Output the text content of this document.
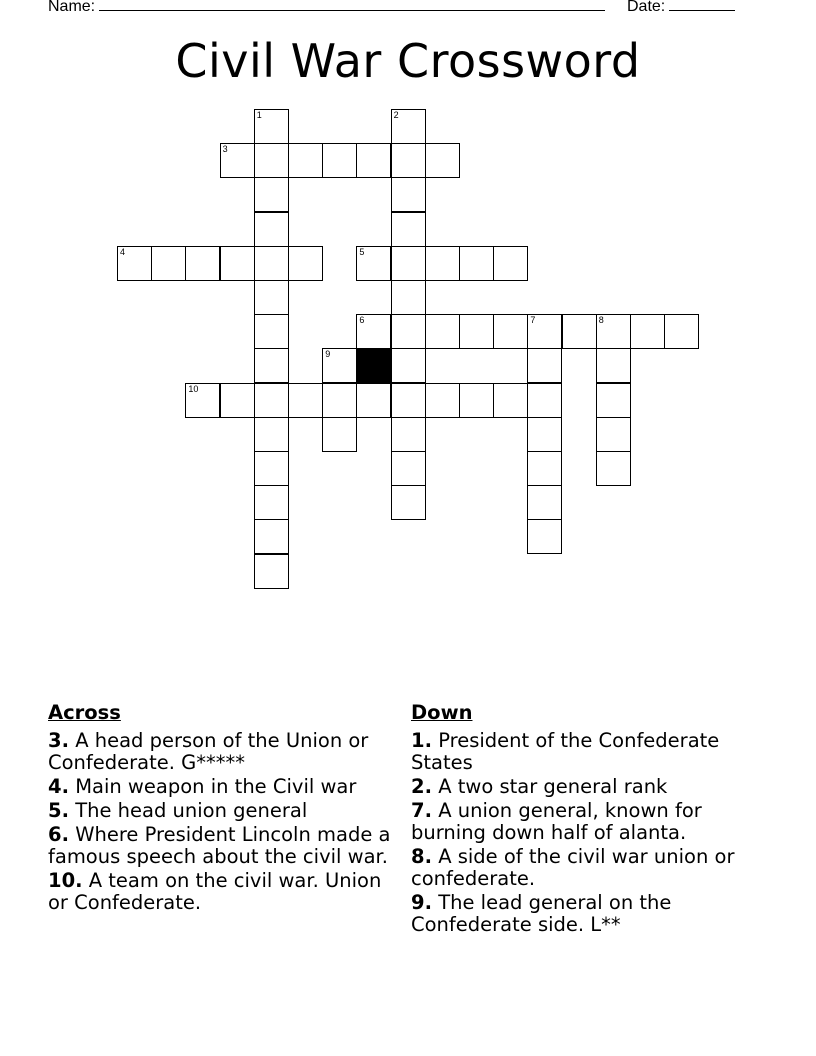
Name:	Date:
Civil War Crossword
1	2
3
4	5
6	7	8
9
10
Across
3. A head person of the Union or Confederate. G*****
4. Main weapon in the Civil war
5. The head union general
6. Where President Lincoln made a famous speech about the civil war.
10. A team on the civil war. Union or Confederate.
Down
1. President of the Confederate States
2. A two star general rank
7. A union general, known for burning down half of alanta.
8. A side of the civil war union or confederate.
9. The lead general on the Confederate side. L**
